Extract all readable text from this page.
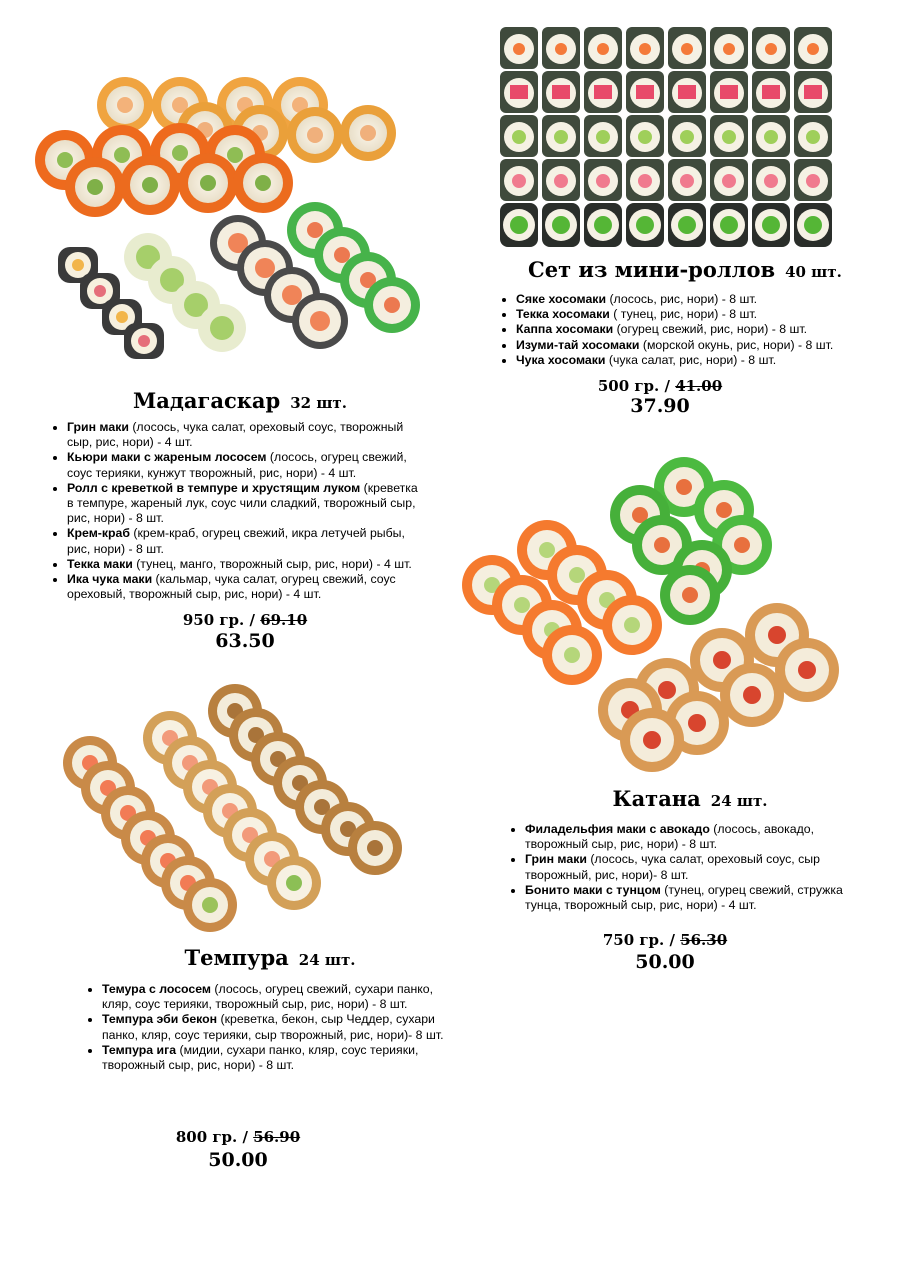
Мадагаскар 32 шт.
• Грин маки (лосось, чука салат, ореховый соус, творожный сыр, рис, нори) - 4 шт.
• Кьюри маки с жареным лососем (лосось, огурец свежий, соус терияки, кунжут творожный, рис, нори) - 4 шт.
• Ролл с креветкой в темпуре и хрустящим луком (креветка в темпуре, жареный лук, соус чили сладкий, творожный сыр, рис, нори) - 8 шт.
• Крем-краб (крем-краб, огурец свежий, икра летучей рыбы, рис, нори) - 8 шт.
• Текка маки (тунец, манго, творожный сыр, рис, нори) - 4 шт.
• Ика чука маки (кальмар, чука салат, огурец свежий, соус ореховый, творожный сыр, рис, нори) - 4 шт.
950 гр. / 69.10
63.50
Сет из мини-роллов 40 шт.
• Сяке хосомаки (лосось, рис, нори) - 8 шт.
• Текка хосомаки ( тунец, рис, нори) - 8 шт.
• Каппа хосомаки (огурец свежий, рис, нори) - 8 шт.
• Изуми-тай хосомаки (морской окунь, рис, нори) - 8 шт.
• Чука хосомаки (чука салат, рис, нори) - 8 шт.
500 гр. / 41.00
37.90
Катана 24 шт.
• Филадельфия маки с авокадо (лосось, авокадо, творожный сыр, рис, нори) - 8 шт.
• Грин маки (лосось, чука салат, ореховый соус, сыр творожный, рис, нори)- 8 шт.
• Бонито маки с тунцом (тунец, огурец свежий, стружка тунца, творожный сыр, рис, нори) - 4 шт.
750 гр. / 56.30
50.00
Темпура 24 шт.
• Темура с лососем (лосось, огурец свежий, сухари панко, кляр, соус терияки, творожный сыр, рис, нори) - 8 шт.
• Темпура эби бекон (креветка, бекон, сыр Чеддер, сухари панко, кляр, соус терияки, сыр творожный, рис, нори)- 8 шт.
• Темпура ига (мидии, сухари панко, кляр, соус терияки, творожный сыр, рис, нори) - 8 шт.
800 гр. / 56.90
50.00
